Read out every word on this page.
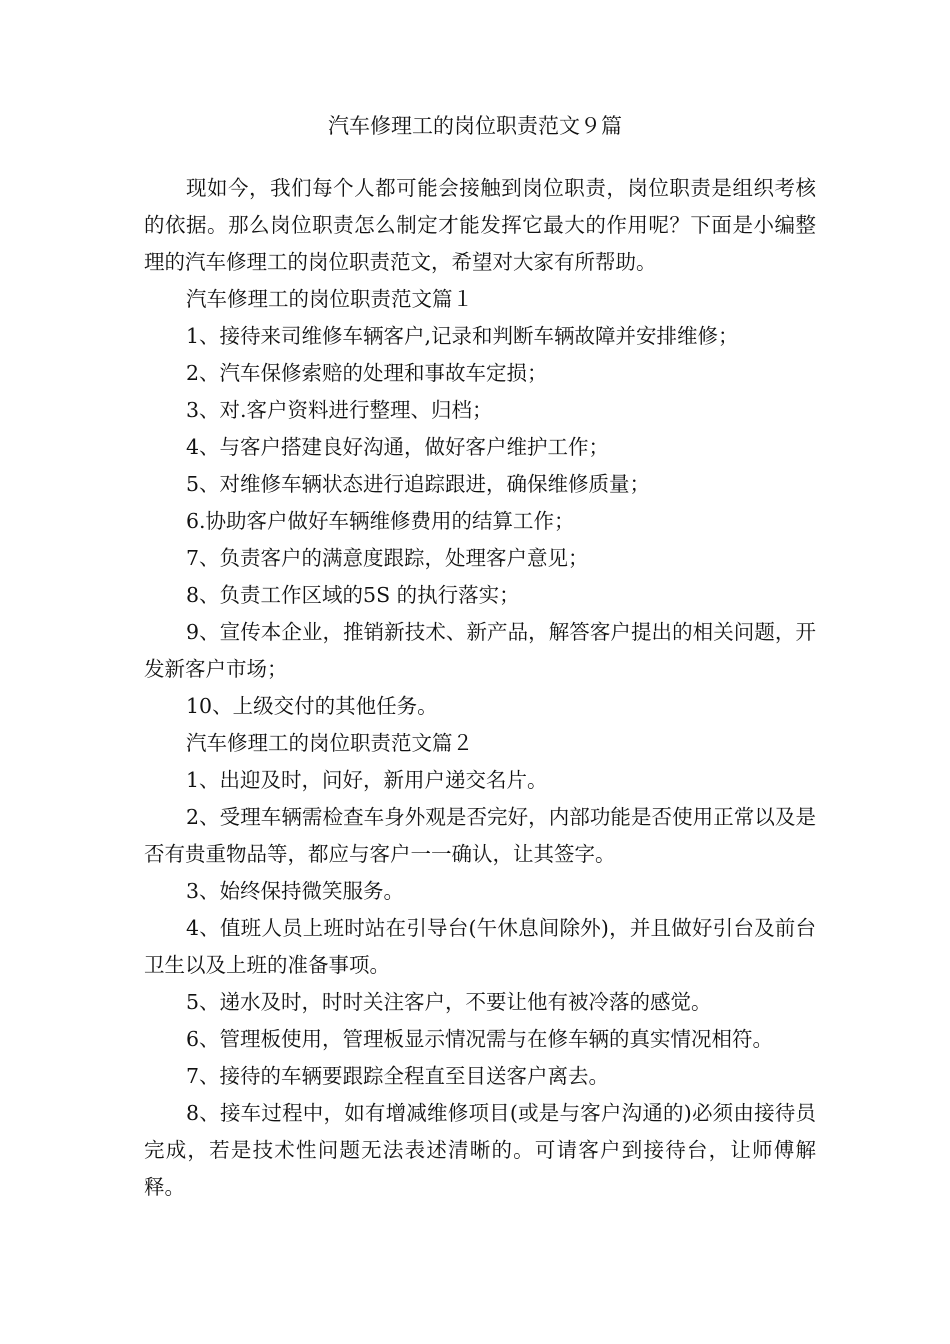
汽车修理工的岗位职责范文９篇

现如今，我们每个人都可能会接触到岗位职责，岗位职责是组织考核的依据。那么岗位职责怎么制定才能发挥它最大的作用呢？下面是小编整理的汽车修理工的岗位职责范文，希望对大家有所帮助。

汽车修理工的岗位职责范文篇１

1、接待来司维修车辆客户,记录和判断车辆故障并安排维修；

2、汽车保修索赔的处理和事故车定损；

3、对.客户资料进行整理、归档；

4、与客户搭建良好沟通，做好客户维护工作；

5、对维修车辆状态进行追踪跟进，确保维修质量；

6.协助客户做好车辆维修费用的结算工作；

7、负责客户的满意度跟踪，处理客户意见；

8、负责工作区域的5S 的执行落实；

9、宣传本企业，推销新技术、新产品，解答客户提出的相关问题，开发新客户市场；

10、上级交付的其他任务。

汽车修理工的岗位职责范文篇２

1、出迎及时，问好，新用户递交名片。

2、受理车辆需检查车身外观是否完好，内部功能是否使用正常以及是否有贵重物品等，都应与客户一一确认，让其签字。

3、始终保持微笑服务。

4、值班人员上班时站在引导台(午休息间除外)，并且做好引台及前台卫生以及上班的准备事项。

5、递水及时，时时关注客户，不要让他有被冷落的感觉。

6、管理板使用，管理板显示情况需与在修车辆的真实情况相符。

7、接待的车辆要跟踪全程直至目送客户离去。

8、接车过程中，如有增减维修项目(或是与客户沟通的)必须由接待员完成，若是技术性问题无法表述清晰的。可请客户到接待台，让师傅解释。
